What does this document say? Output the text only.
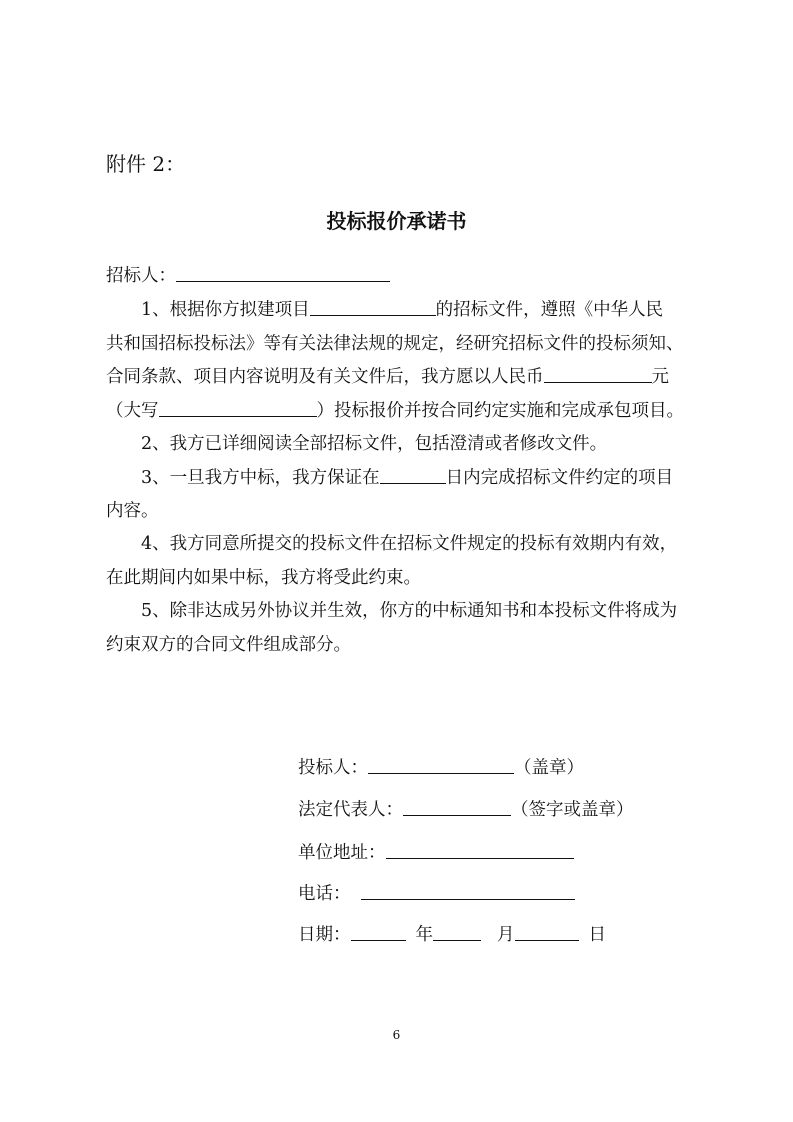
附件 2：
投标报价承诺书
招标人：
1、根据你方拟建项目	的招标文件，遵照《中华人民
共和国招标投标法》等有关法律法规的规定，经研究招标文件的投标须知、
合同条款、项目内容说明及有关文件后，我方愿以人民币	元
（大写	）投标报价并按合同约定实施和完成承包项目。
2、我方已详细阅读全部招标文件，包括澄清或者修改文件。
3、一旦我方中标，我方保证在	日内完成招标文件约定的项目
内容。
4、我方同意所提交的投标文件在招标文件规定的投标有效期内有效，
在此期间内如果中标，我方将受此约束。
5、除非达成另外协议并生效，你方的中标通知书和本投标文件将成为
约束双方的合同文件组成部分。
投标人：	（盖章）
法定代表人：	（签字或盖章）
单位地址：
电话：
日期：	年	月	日
6
